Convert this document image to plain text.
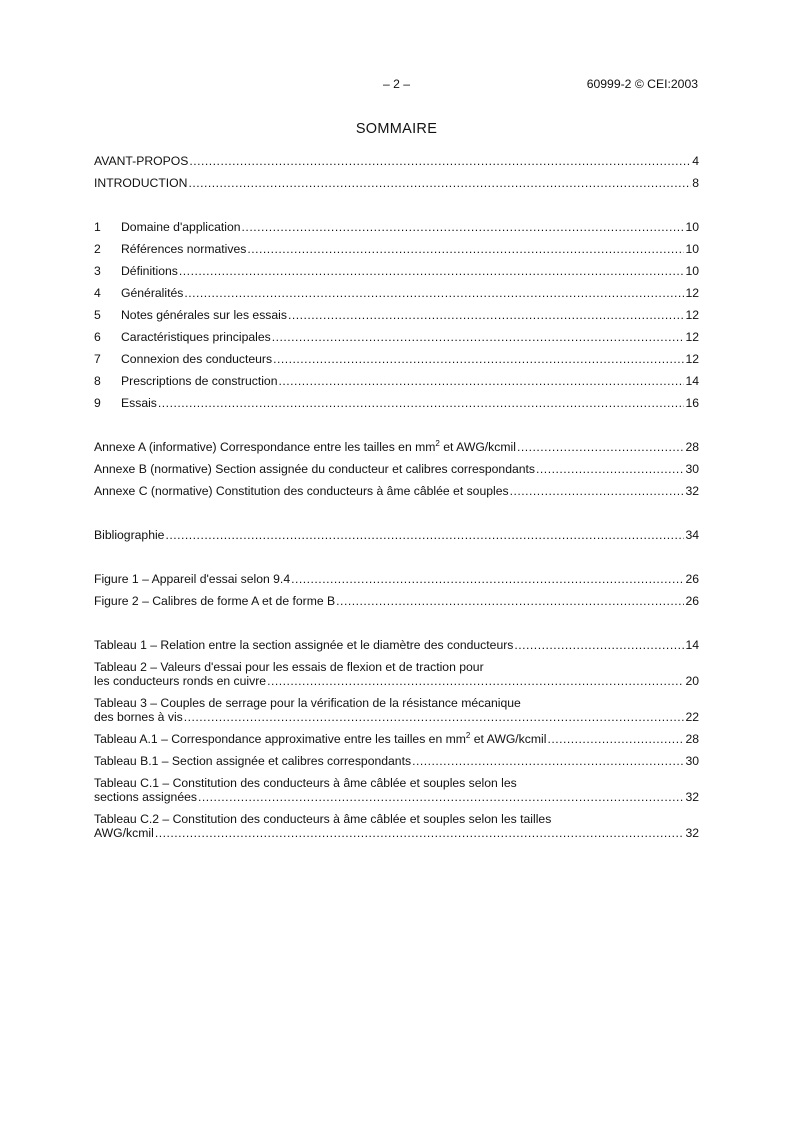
– 2 –	60999-2 © CEI:2003
SOMMAIRE
AVANT-PROPOS .....	4
INTRODUCTION .....	8
1	Domaine d'application .....	10
2	Références normatives .....	10
3	Définitions .....	10
4	Généralités .....	12
5	Notes générales sur les essais .....	12
6	Caractéristiques principales .....	12
7	Connexion des conducteurs .....	12
8	Prescriptions de construction .....	14
9	Essais .....	16
Annexe A (informative) Correspondance entre les tailles en $mm^2$ et AWG/kcmil .....	28
Annexe B (normative) Section assignée du conducteur et calibres correspondants .....	30
Annexe C (normative) Constitution des conducteurs à âme câblée et souples .....	32
Bibliographie .....	34
Figure 1 – Appareil d'essai selon 9.4 .....	26
Figure 2 – Calibres de forme A et de forme B .....	26
Tableau 1 – Relation entre la section assignée et le diamètre des conducteurs .....	14
Tableau 2 – Valeurs d'essai pour les essais de flexion et de traction pour
les conducteurs ronds en cuivre .....	20
Tableau 3 – Couples de serrage pour la vérification de la résistance mécanique
des bornes à vis .....	22
Tableau A.1 – Correspondance approximative entre les tailles en $mm^2$ et AWG/kcmil .....	28
Tableau B.1 – Section assignée et calibres correspondants .....	30
Tableau C.1 – Constitution des conducteurs à âme câblée et souples selon les
sections assignées .....	32
Tableau C.2 – Constitution des conducteurs à âme câblée et souples selon les tailles
AWG/kcmil .....	32
